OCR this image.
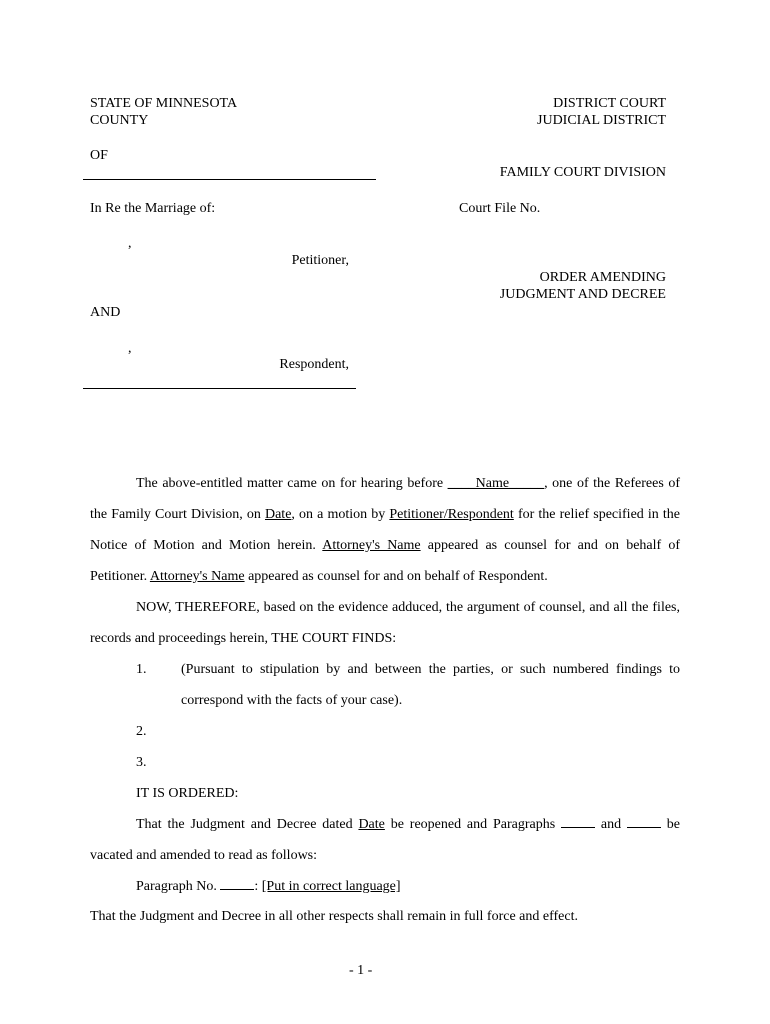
STATE OF MINNESOTA
COUNTY
DISTRICT COURT
JUDICIAL DISTRICT
OF
FAMILY COURT DIVISION
In Re the Marriage of:	Court File No.
,
Petitioner,
ORDER AMENDING
JUDGMENT AND DECREE
AND
,
Respondent,
The above-entitled matter came on for hearing before ____Name_____, one of the Referees of the Family Court Division, on Date, on a motion by Petitioner/Respondent for the relief specified in the Notice of Motion and Motion herein. Attorney's Name appeared as counsel for and on behalf of Petitioner. Attorney's Name appeared as counsel for and on behalf of Respondent.
NOW, THEREFORE, based on the evidence adduced, the argument of counsel, and all the files, records and proceedings herein, THE COURT FINDS:
1. (Pursuant to stipulation by and between the parties, or such numbered findings to correspond with the facts of your case).
2.
3.
IT IS ORDERED:
That the Judgment and Decree dated Date be reopened and Paragraphs  and  be vacated and amended to read as follows:
Paragraph No. : [Put in correct language]
That the Judgment and Decree in all other respects shall remain in full force and effect.
- 1 -
